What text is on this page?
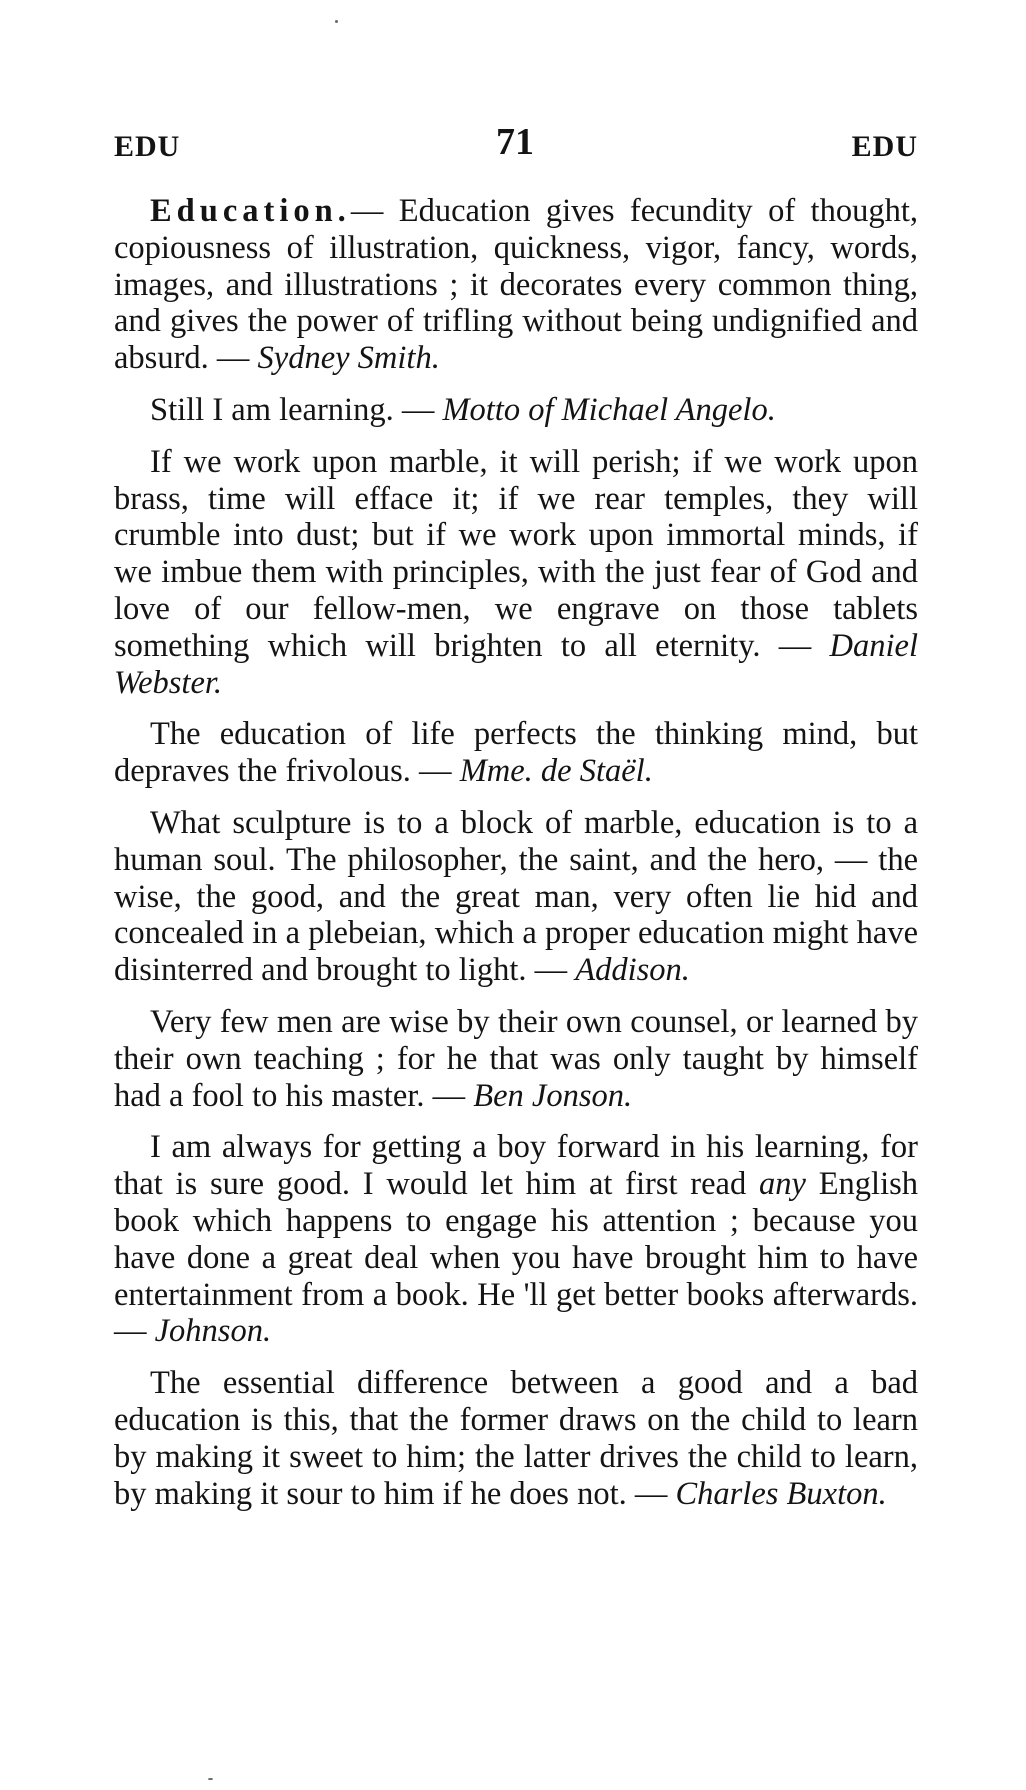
EDU	71	EDU

Education.— Education gives fecundity of thought, copiousness of illustration, quickness, vigor, fancy, words, images, and illustrations ; it decorates every common thing, and gives the power of trifling without being undignified and absurd. — Sydney Smith.

Still I am learning. — Motto of Michael Angelo.

If we work upon marble, it will perish; if we work upon brass, time will efface it; if we rear temples, they will crumble into dust; but if we work upon immortal minds, if we imbue them with principles, with the just fear of God and love of our fellow-men, we engrave on those tablets something which will brighten to all eternity. — Daniel Webster.

The education of life perfects the thinking mind, but depraves the frivolous. — Mme. de Staël.

What sculpture is to a block of marble, education is to a human soul. The philosopher, the saint, and the hero, — the wise, the good, and the great man, very often lie hid and concealed in a plebeian, which a proper education might have disinterred and brought to light. — Addison.

Very few men are wise by their own counsel, or learned by their own teaching ; for he that was only taught by himself had a fool to his master. — Ben Jonson.

I am always for getting a boy forward in his learning, for that is sure good. I would let him at first read any English book which happens to engage his attention ; because you have done a great deal when you have brought him to have entertainment from a book. He 'll get better books afterwards. — Johnson.

The essential difference between a good and a bad education is this, that the former draws on the child to learn by making it sweet to him; the latter drives the child to learn, by making it sour to him if he does not. — Charles Buxton.
